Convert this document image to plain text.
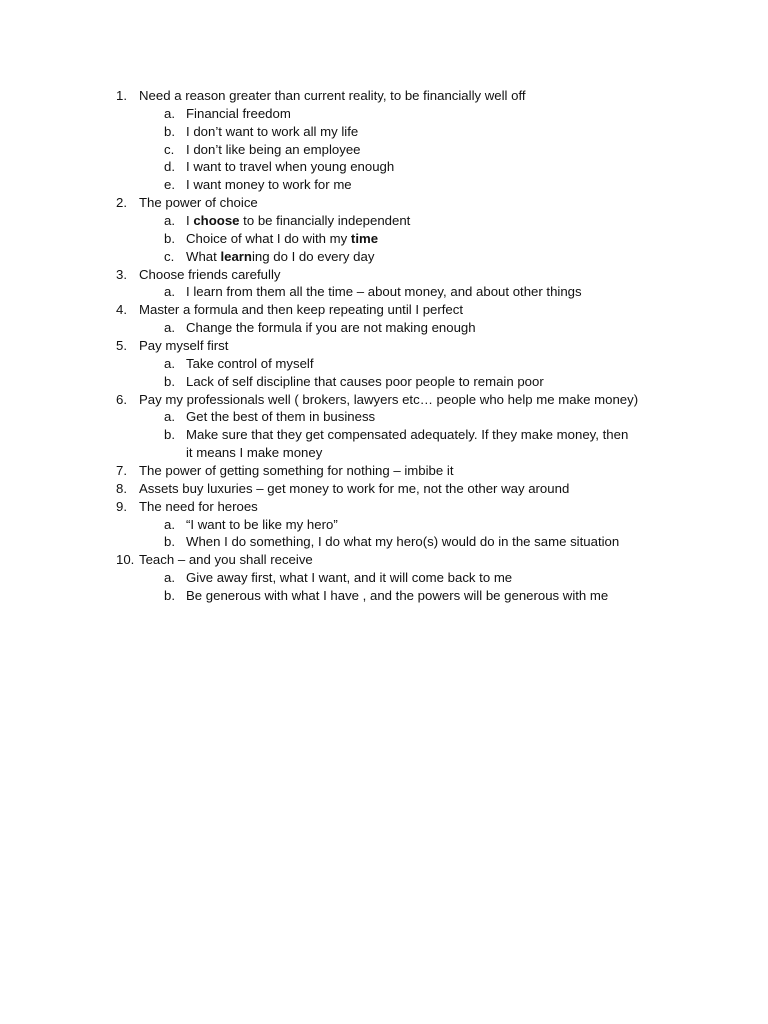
1. Need a reason greater than current reality, to be financially well off
a. Financial freedom
b. I don’t want to work all my life
c. I don’t like being an employee
d. I want to travel when young enough
e. I want money to work for me
2. The power of choice
a. I choose to be financially independent
b. Choice of what I do with my time
c. What learning do I do every day
3. Choose friends carefully
a. I learn from them all the time – about money, and about other things
4. Master a formula and then keep repeating until I perfect
a. Change the formula if you are not making enough
5. Pay myself first
a. Take control of myself
b. Lack of self discipline that causes poor people to remain poor
6. Pay my professionals well ( brokers, lawyers etc… people who help me make money)
a. Get the best of them in business
b. Make sure that they get compensated adequately. If they make money, then
it means I make money
7. The power of getting something for nothing – imbibe it
8. Assets buy luxuries – get money to work for me, not the other way around
9. The need for heroes
a. “I want to be like my hero”
b. When I do something, I do what my hero(s) would do in the same situation
10. Teach – and you shall receive
a. Give away first, what I want, and it will come back to me
b. Be generous with what I have , and the powers will be generous with me
